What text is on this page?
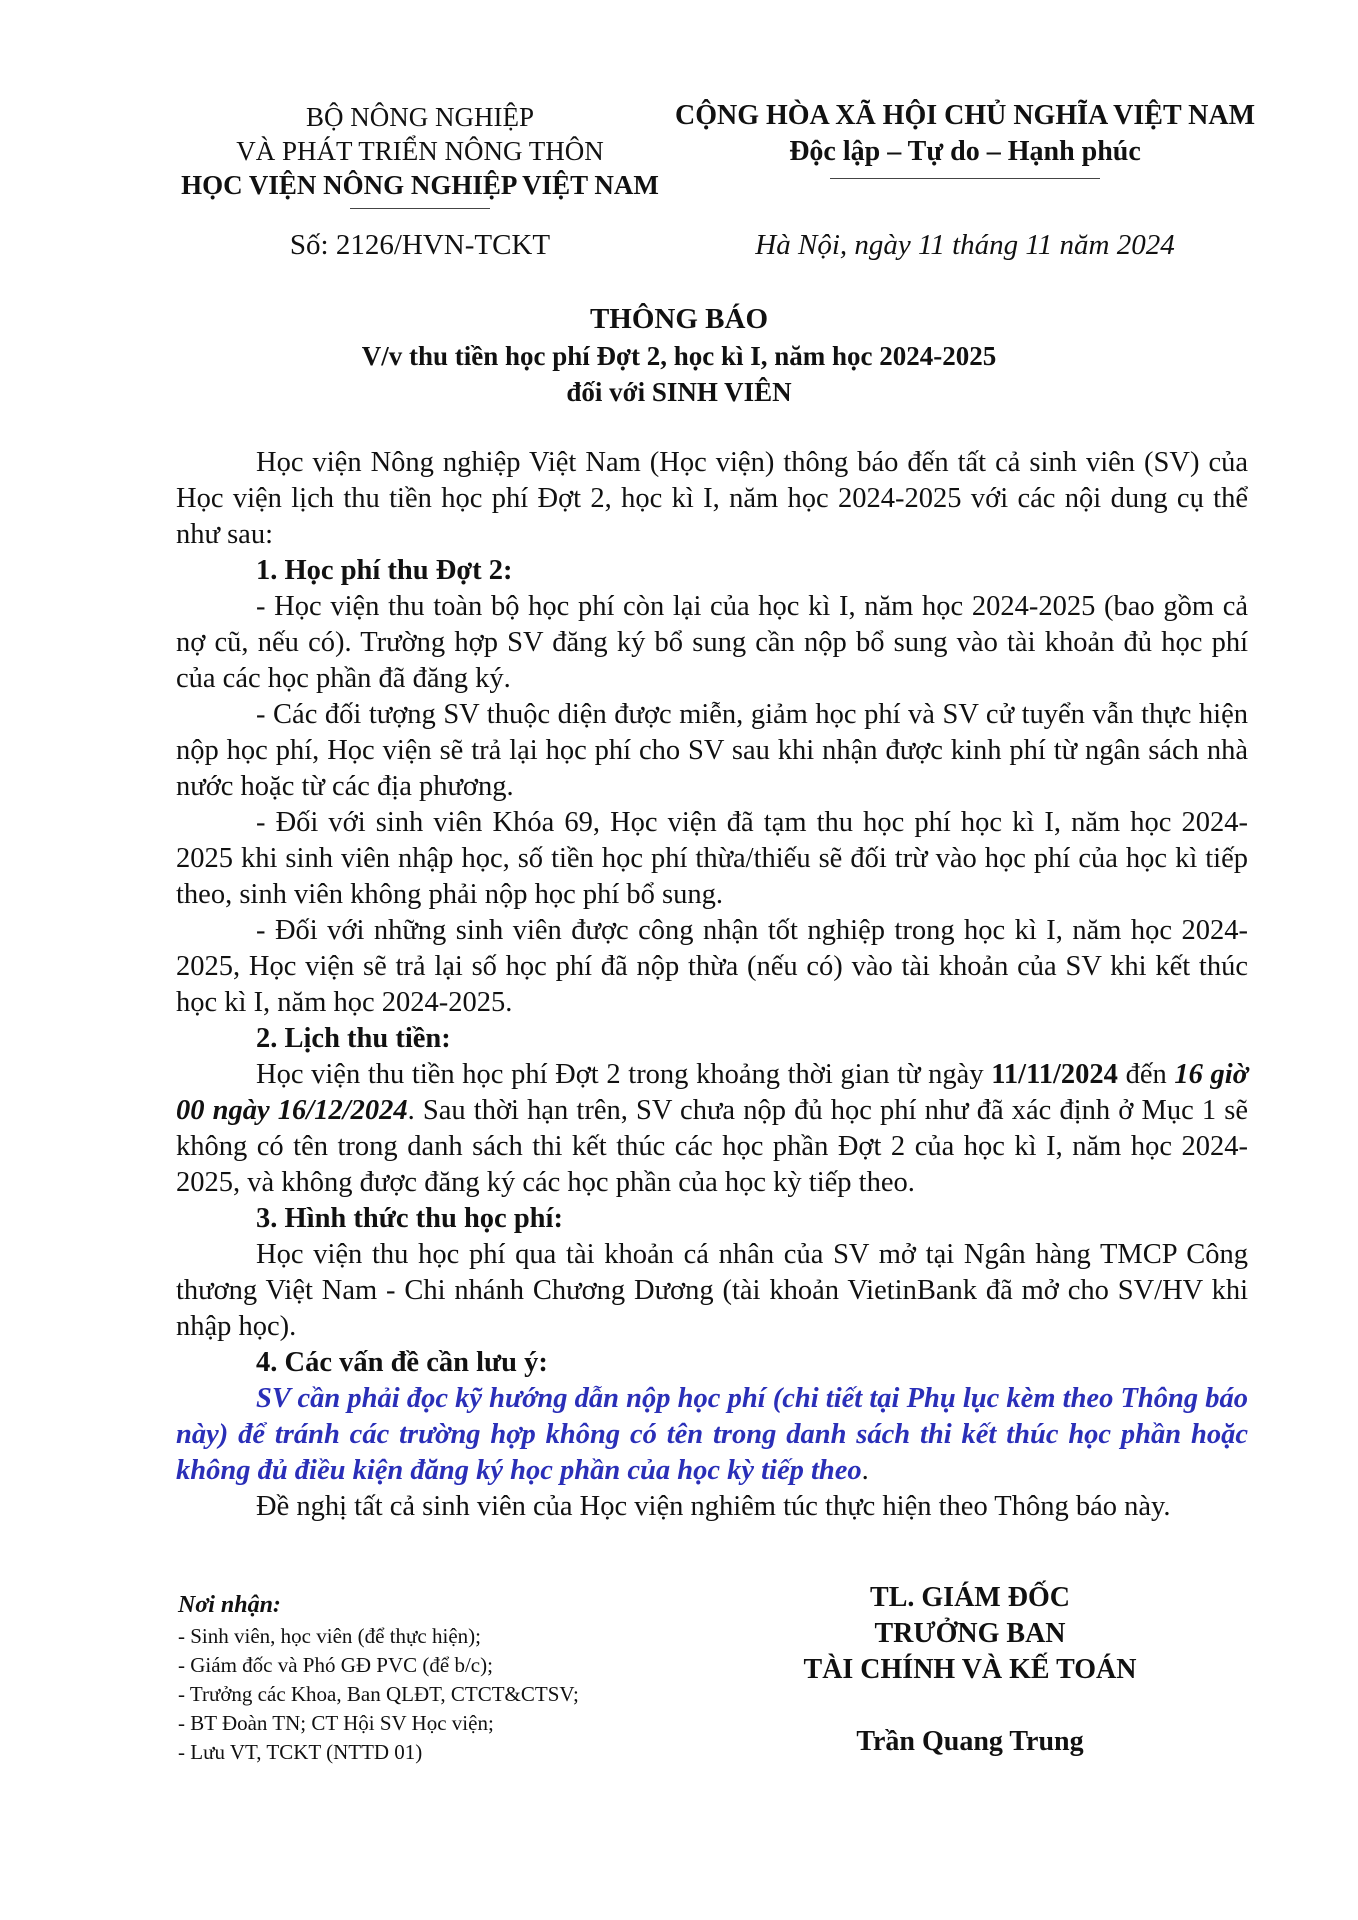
BỘ NÔNG NGHIỆP
VÀ PHÁT TRIỂN NÔNG THÔN
HỌC VIỆN NÔNG NGHIỆP VIỆT NAM
CỘNG HÒA XÃ HỘI CHỦ NGHĨA VIỆT NAM
Độc lập – Tự do – Hạnh phúc
Số: 2126/HVN-TCKT	Hà Nội, ngày 11 tháng 11 năm 2024
THÔNG BÁO
V/v thu tiền học phí Đợt 2, học kì I, năm học 2024-2025
đối với SINH VIÊN

Học viện Nông nghiệp Việt Nam (Học viện) thông báo đến tất cả sinh viên (SV) của Học viện lịch thu tiền học phí Đợt 2, học kì I, năm học 2024-2025 với các nội dung cụ thể như sau:

1. Học phí thu Đợt 2:

- Học viện thu toàn bộ học phí còn lại của học kì I, năm học 2024-2025 (bao gồm cả nợ cũ, nếu có). Trường hợp SV đăng ký bổ sung cần nộp bổ sung vào tài khoản đủ học phí của các học phần đã đăng ký.

- Các đối tượng SV thuộc diện được miễn, giảm học phí và SV cử tuyển vẫn thực hiện nộp học phí, Học viện sẽ trả lại học phí cho SV sau khi nhận được kinh phí từ ngân sách nhà nước hoặc từ các địa phương.

- Đối với sinh viên Khóa 69, Học viện đã tạm thu học phí học kì I, năm học 2024-2025 khi sinh viên nhập học, số tiền học phí thừa/thiếu sẽ đối trừ vào học phí của học kì tiếp theo, sinh viên không phải nộp học phí bổ sung.

- Đối với những sinh viên được công nhận tốt nghiệp trong học kì I, năm học 2024-2025, Học viện sẽ trả lại số học phí đã nộp thừa (nếu có) vào tài khoản của SV khi kết thúc học kì I, năm học 2024-2025.

2. Lịch thu tiền:

Học viện thu tiền học phí Đợt 2 trong khoảng thời gian từ ngày 11/11/2024 đến 16 giờ 00 ngày 16/12/2024. Sau thời hạn trên, SV chưa nộp đủ học phí như đã xác định ở Mục 1 sẽ không có tên trong danh sách thi kết thúc các học phần Đợt 2 của học kì I, năm học 2024-2025, và không được đăng ký các học phần của học kỳ tiếp theo.

3. Hình thức thu học phí:

Học viện thu học phí qua tài khoản cá nhân của SV mở tại Ngân hàng TMCP Công thương Việt Nam - Chi nhánh Chương Dương (tài khoản VietinBank đã mở cho SV/HV khi nhập học).

4. Các vấn đề cần lưu ý:

SV cần phải đọc kỹ hướng dẫn nộp học phí (chi tiết tại Phụ lục kèm theo Thông báo này) để tránh các trường hợp không có tên trong danh sách thi kết thúc học phần hoặc không đủ điều kiện đăng ký học phần của học kỳ tiếp theo.

Đề nghị tất cả sinh viên của Học viện nghiêm túc thực hiện theo Thông báo này.

Nơi nhận:
- Sinh viên, học viên (để thực hiện);
- Giám đốc và Phó GĐ PVC (để b/c);
- Trưởng các Khoa, Ban QLĐT, CTCT&CTSV;
- BT Đoàn TN; CT Hội SV Học viện;
- Lưu VT, TCKT (NTTD 01)
TL. GIÁM ĐỐC
TRƯỞNG BAN
TÀI CHÍNH VÀ KẾ TOÁN
Trần Quang Trung
